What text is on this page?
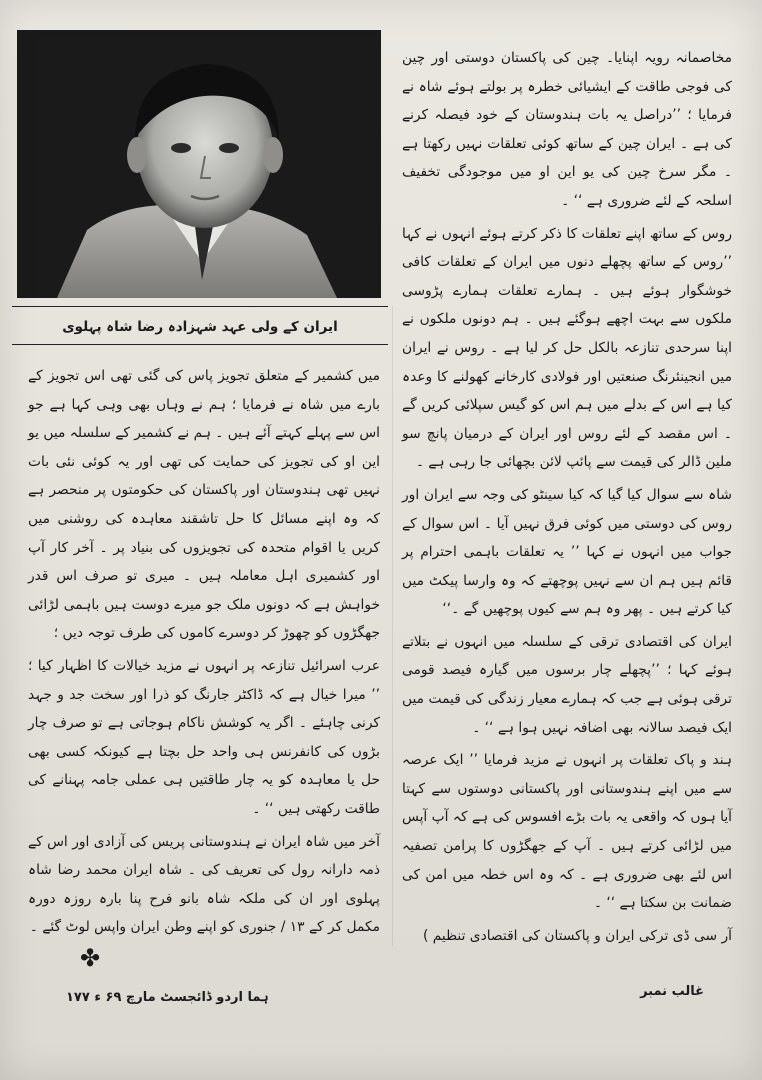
ایران کے ولی عہد شہزادہ رضا شاہ پہلوی

مخاصمانہ رویہ اپنایا۔ چین کی پاکستان دوستی اور چین کی فوجی طاقت کے ایشیائی خطرہ پر بولتے ہوئے شاہ نے فرمایا ؛ ’’دراصل یہ بات ہندوستان کے خود فیصلہ کرنے کی ہے ۔ ایران چین کے ساتھ کوئی تعلقات نہیں رکھتا ہے ۔ مگر سرخ چین کی یو این او میں موجودگی تخفیف اسلحہ کے لئے ضروری ہے ‘‘ ۔

روس کے ساتھ اپنے تعلقات کا ذکر کرتے ہوئے انہوں نے کہا ’’روس کے ساتھ پچھلے دنوں میں ایران کے تعلقات کافی خوشگوار ہوئے ہیں ۔ ہمارے تعلقات ہمارے پڑوسی ملکوں سے بہت اچھے ہوگئے ہیں ۔ ہم دونوں ملکوں نے اپنا سرحدی تنازعہ بالکل حل کر لیا ہے ۔ روس نے ایران میں انجینئرنگ صنعتیں اور فولادی کارخانے کھولنے کا وعدہ کیا ہے اس کے بدلے میں ہم اس کو گیس سپلائی کریں گے ۔ اس مقصد کے لئے روس اور ایران کے درمیان پانچ سو ملین ڈالر کی قیمت سے پائپ لائن بچھائی جا رہی ہے ۔

شاہ سے سوال کیا گیا کہ کیا سینٹو کی وجہ سے ایران اور روس کی دوستی میں کوئی فرق نہیں آیا ۔ اس سوال کے جواب میں انہوں نے کہا ’’ یہ تعلقات باہمی احترام پر قائم ہیں ہم ان سے نہیں پوچھتے کہ وہ وارسا پیکٹ میں کیا کرتے ہیں ۔ پھر وہ ہم سے کیوں پوچھیں گے ۔‘‘

ایران کی اقتصادی ترقی کے سلسلہ میں انہوں نے بتلاتے ہوئے کہا ؛ ’’پچھلے چار برسوں میں گیارہ فیصد قومی ترقی ہوئی ہے جب کہ ہمارے معیار زندگی کی قیمت میں ایک فیصد سالانہ بھی اضافہ نہیں ہوا ہے ‘‘ ۔

ہند و پاک تعلقات پر انہوں نے مزید فرمایا ’’ ایک عرصہ سے میں اپنے ہندوستانی اور پاکستانی دوستوں سے کہتا آیا ہوں کہ واقعی یہ بات بڑے افسوس کی ہے کہ آپ آپس میں لڑائی کرتے ہیں ۔ آپ کے جھگڑوں کا پرامن تصفیہ اس لئے بھی ضروری ہے ۔ کہ وہ اس خطہ میں امن کی ضمانت بن سکتا ہے ‘‘ ۔

آر سی ڈی ترکی ایران و پاکستان کی اقتصادی تنظیم )

میں کشمیر کے متعلق تجویز پاس کی گئی تھی اس تجویز کے بارے میں شاہ نے فرمایا ؛ ہم نے وہاں بھی وہی کہا ہے جو اس سے پہلے کہتے آئے ہیں ۔ ہم نے کشمیر کے سلسلہ میں یو این او کی تجویز کی حمایت کی تھی اور یہ کوئی نئی بات نہیں تھی ہندوستان اور پاکستان کی حکومتوں پر منحصر ہے کہ وہ اپنے مسائل کا حل تاشقند معاہدہ کی روشنی میں کریں یا اقوام متحدہ کی تجویزوں کی بنیاد پر ۔ آخر کار آپ اور کشمیری اہل معاملہ ہیں ۔ میری تو صرف اس قدر خواہش ہے کہ دونوں ملک جو میرے دوست ہیں باہمی لڑائی جھگڑوں کو چھوڑ کر دوسرے کاموں کی طرف توجہ دیں ؛

عرب اسرائیل تنازعہ پر انہوں نے مزید خیالات کا اظہار کیا ؛ ’’ میرا خیال ہے کہ ڈاکٹر جارنگ کو ذرا اور سخت جد و جہد کرنی چاہئے ۔ اگر یہ کوشش ناکام ہوجاتی ہے تو صرف چار بڑوں کی کانفرنس ہی واحد حل بچتا ہے کیونکہ کسی بھی حل یا معاہدہ کو یہ چار طاقتیں ہی عملی جامہ پہنانے کی طاقت رکھتی ہیں ‘‘ ۔

آخر میں شاہ ایران نے ہندوستانی پریس کی آزادی اور اس کے ذمہ دارانہ رول کی تعریف کی ۔ شاہ ایران محمد رضا شاہ پہلوی اور ان کی ملکہ شاہ بانو فرح پنا بارہ روزہ دورہ مکمل کر کے ۱۳ / جنوری کو اپنے وطن ایران واپس لوٹ گئے ۔

✤
ہما اردو ڈائجسٹ مارچ ۶۹ ء ۱۷۷	غالب نمبر
